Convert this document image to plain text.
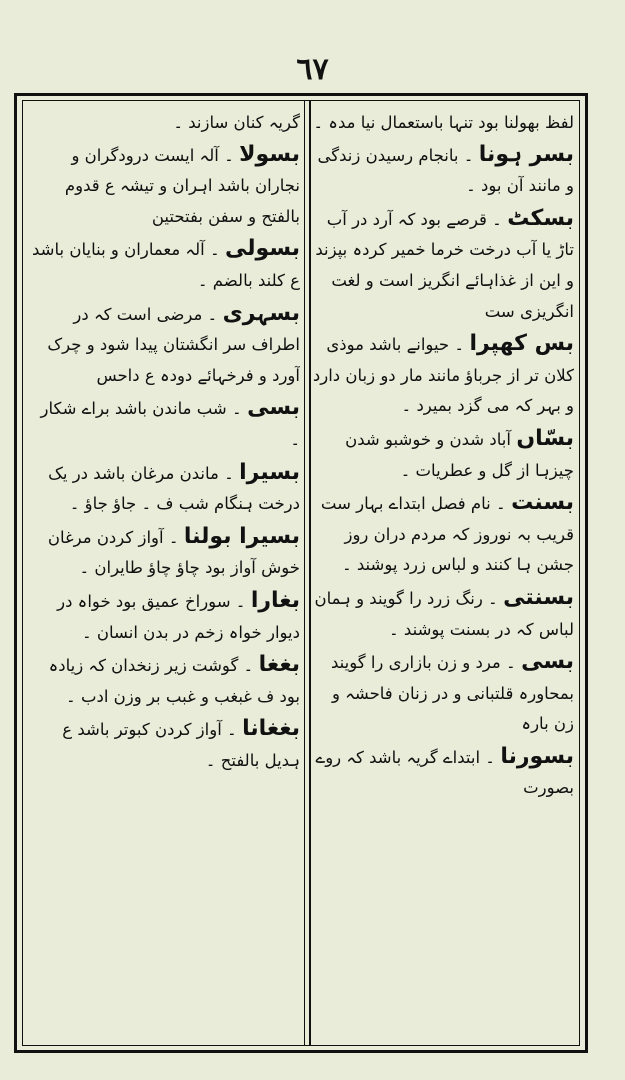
٦٧
لفظ بھولنا بود تنہا باستعمال نیا مدہ ۔

بسر ہونا ۔ بانجام رسیدن زندگی و مانند آن بود ۔

بسکٹ ۔ قرصے بود کہ آرد در آب تاڑ یا آب درخت خرما خمیر کردہ بپزند و این از غذاہائے انگریز است و لغت انگریزی ست

بس کھپرا ۔ حیوانے باشد موذی کلان تر از جرباؤ مانند مار دو زبان دارد و بہر کہ می گزد بمیرد ۔

بسّاں آباد شدن و خوشبو شدن چیزہا از گل و عطریات ۔

بسنت ۔ نام فصل ابتداے بہار ست قریب بہ نوروز کہ مردم دران روز جشن ہا کنند و لباس زرد پوشند ۔

بسنتی ۔ رنگ زرد را گویند و ہمان لباس کہ در بسنت پوشند ۔

بسی ۔ مرد و زن بازاری را گویند بمحاورہ قلتبانی و در زنان فاحشہ و زن بارہ

بسورنا ۔ ابتداے گریہ باشد کہ روے بصورت

گریہ کنان سازند ۔

بسولا ۔ آلہ ایست درودگران و نجاران باشد اہران و تیشہ ع قدوم بالفتح و سفن بفتحتین

بسولی ۔ آلہ معماران و بنایان باشد ع کلند بالضم ۔

بسہری ۔ مرضی است کہ در اطراف سر انگشتان پیدا شود و چرک آورد و فرخہائے دودہ ع داحس

بسی ۔ شب ماندن باشد براے شکار ۔

بسیرا ۔ ماندن مرغان باشد در یک درخت ہنگام شب ف ۔ جاؤ جاؤ ۔

بسیرا بولنا ۔ آواز کردن مرغان خوش آواز بود چاؤ چاؤ طایران ۔

بغارا ۔ سوراخ عمیق بود خواہ در دیوار خواہ زخم در بدن انسان ۔

بغغا ۔ گوشت زیر زنخدان کہ زیادہ بود ف غبغب و غبب بر وزن ادب ۔

بغغانا ۔ آواز کردن کبوتر باشد ع ہدیل بالفتح ۔
